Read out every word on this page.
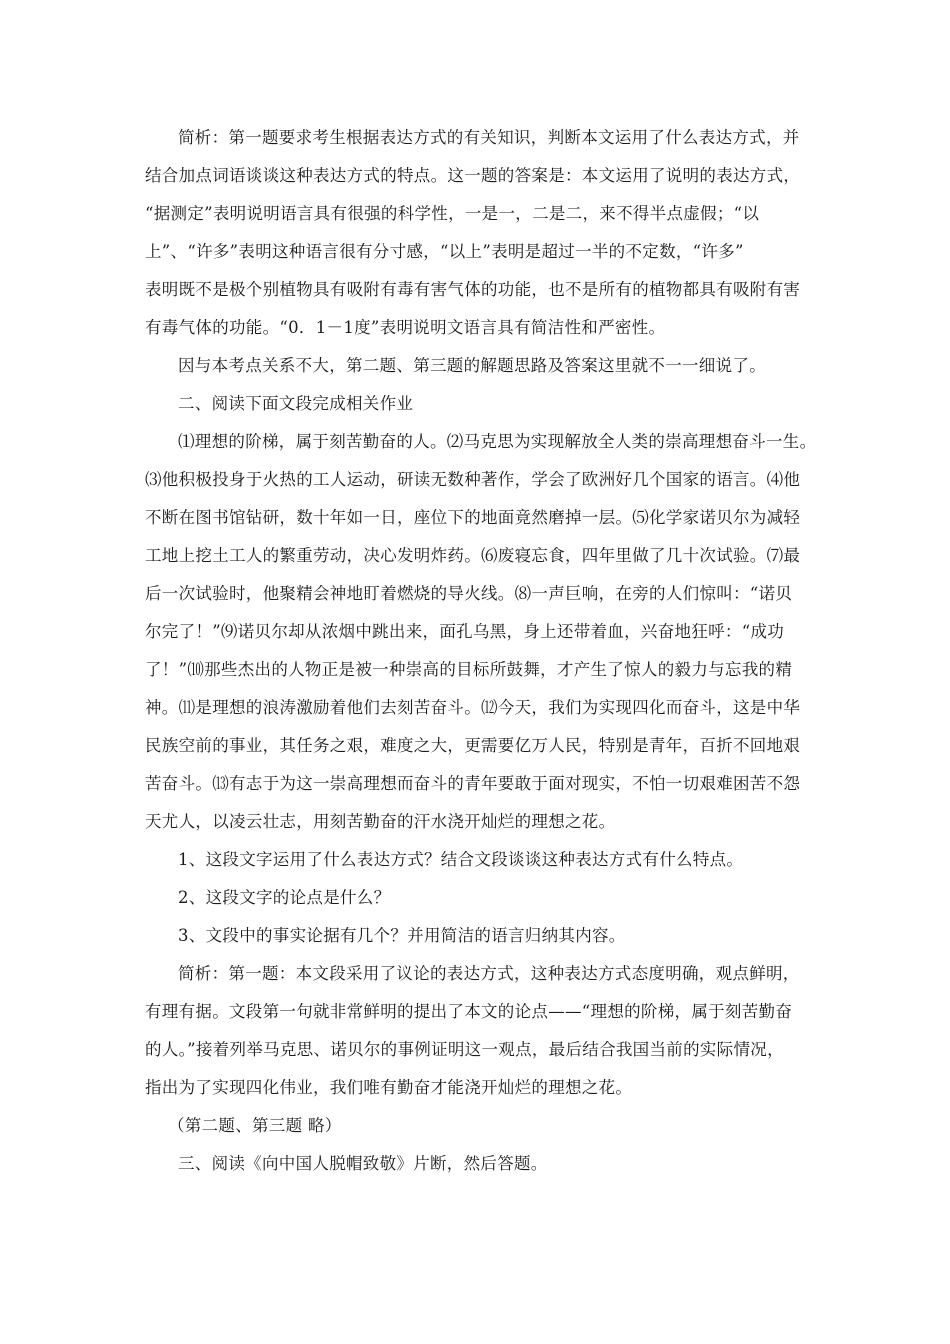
简析：第一题要求考生根据表达方式的有关知识，判断本文运用了什么表达方式，并
结合加点词语谈谈这种表达方式的特点。这一题的答案是：本文运用了说明的表达方式，
“据测定”表明说明语言具有很强的科学性，一是一，二是二，来不得半点虚假；“以
上”、“许多”表明这种语言很有分寸感，“以上”表明是超过一半的不定数，“许多”
表明既不是极个别植物具有吸附有毒有害气体的功能，也不是所有的植物都具有吸附有害
有毒气体的功能。“0．1－1度”表明说明文语言具有简洁性和严密性。
因与本考点关系不大，第二题、第三题的解题思路及答案这里就不一一细说了。
二、阅读下面文段完成相关作业
⑴理想的阶梯，属于刻苦勤奋的人。⑵马克思为实现解放全人类的崇高理想奋斗一生。
⑶他积极投身于火热的工人运动，研读无数种著作，学会了欧洲好几个国家的语言。⑷他
不断在图书馆钻研，数十年如一日，座位下的地面竟然磨掉一层。⑸化学家诺贝尔为减轻
工地上挖土工人的繁重劳动，决心发明炸药。⑹废寝忘食，四年里做了几十次试验。⑺最
后一次试验时，他聚精会神地盯着燃烧的导火线。⑻一声巨响，在旁的人们惊叫：“诺贝
尔完了！”⑼诺贝尔却从浓烟中跳出来，面孔乌黑，身上还带着血，兴奋地狂呼：“成功
了！”⑽那些杰出的人物正是被一种崇高的目标所鼓舞，才产生了惊人的毅力与忘我的精
神。⑾是理想的浪涛激励着他们去刻苦奋斗。⑿今天，我们为实现四化而奋斗，这是中华
民族空前的事业，其任务之艰，难度之大，更需要亿万人民，特别是青年，百折不回地艰
苦奋斗。⒀有志于为这一崇高理想而奋斗的青年要敢于面对现实，不怕一切艰难困苦不怨
天尤人，以凌云壮志，用刻苦勤奋的汗水浇开灿烂的理想之花。
1、这段文字运用了什么表达方式？结合文段谈谈这种表达方式有什么特点。
2、这段文字的论点是什么？
3、文段中的事实论据有几个？并用简洁的语言归纳其内容。
简析：第一题：本文段采用了议论的表达方式，这种表达方式态度明确，观点鲜明，
有理有据。文段第一句就非常鲜明的提出了本文的论点——“理想的阶梯，属于刻苦勤奋
的人。”接着列举马克思、诺贝尔的事例证明这一观点，最后结合我国当前的实际情况，
指出为了实现四化伟业，我们唯有勤奋才能浇开灿烂的理想之花。
（第二题、第三题 略）
三、阅读《向中国人脱帽致敬》片断，然后答题。
